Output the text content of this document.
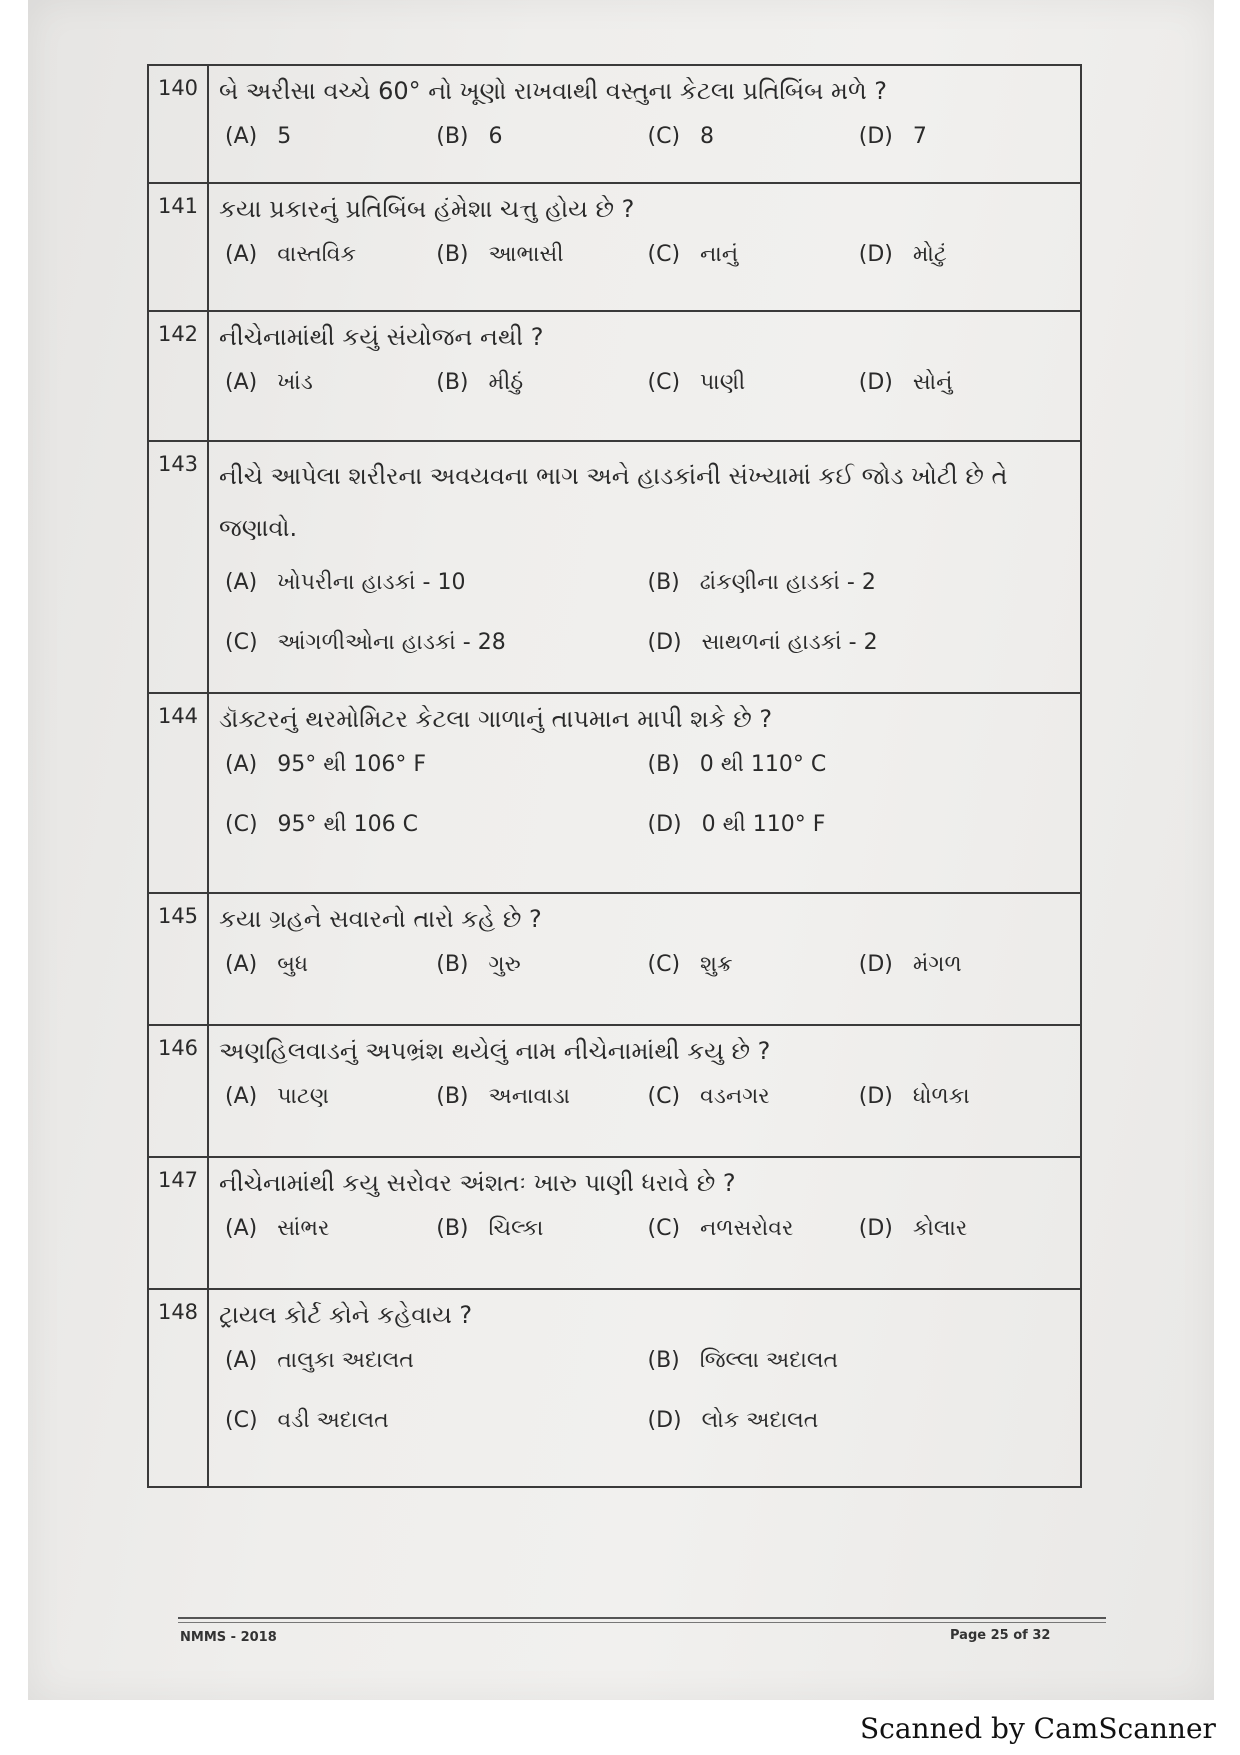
140	બે અરીસા વચ્ચે 60° નો ખૂણો રાખવાથી વસ્તુના કેટલા પ્રતિબિંબ મળે ?
(A) 5 (B) 6 (C) 8 (D) 7

141	કયા પ્રકારનું પ્રતિબિંબ હંમેશા ચત્તુ હોય છે ?
(A) વાસ્તવિક (B) આભાસી (C) નાનું (D) મોટું

142	નીચેનામાંથી કયું સંયોજન નથી ?
(A) ખાંડ (B) મીઠું (C) પાણી (D) સોનું

143	નીચે આપેલા શરીરના અવયવના ભાગ અને હાડકાંની સંખ્યામાં કઈ જોડ ખોટી છે તે જણાવો.
(A) ખોપરીના હાડકાં - 10 (B) ઢાંકણીના હાડકાં - 2
(C) આંગળીઓના હાડકાં - 28 (D) સાથળનાં હાડકાં - 2

144	ડૉક્ટરનું થરમોમિટર કેટલા ગાળાનું તાપમાન માપી શકે છે ?
(A) 95° થી 106° F (B) 0 થી 110° C
(C) 95° થી 106 C (D) 0 થી 110° F

145	કયા ગ્રહને સવારનો તારો કહે છે ?
(A) બુધ (B) ગુરુ (C) શુક્ર (D) મંગળ

146	અણહિલવાડનું અપભ્રંશ થયેલું નામ નીચેનામાંથી કયુ છે ?
(A) પાટણ (B) અનાવાડા (C) વડનગર (D) ધોળકા

147	નીચેનામાંથી કયુ સરોવર અંશતઃ ખારુ પાણી ધરાવે છે ?
(A) સાંભર (B) ચિલ્કા (C) નળસરોવર (D) કોલાર

148	ટ્રાયલ કોર્ટ કોને કહેવાય ?
(A) તાલુકા અદાલત (B) જિલ્લા અદાલત
(C) વડી અદાલત (D) લોક અદાલત
NMMS - 2018	Page 25 of 32
Scanned by CamScanner
